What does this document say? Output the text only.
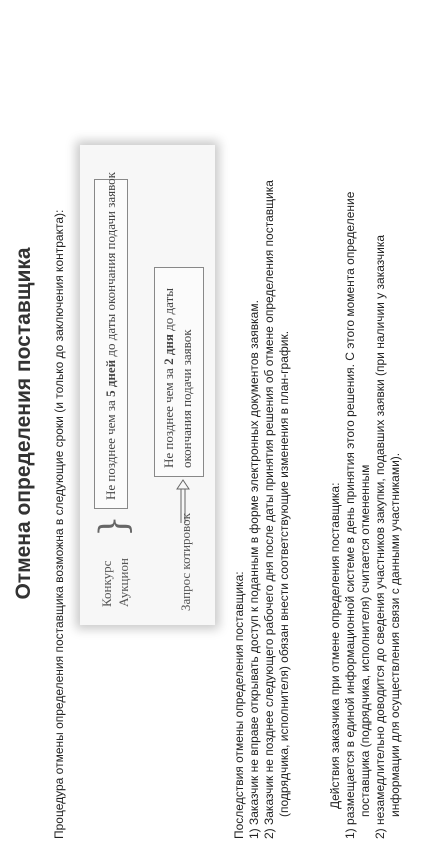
Отмена определения поставщика Процедура отмены определения поставщика возможна в следующие сроки (и только до заключения контракта):	Конкурс Аукцион
}
Не позднее чем за 5 дней до даты окончания подачи заявок
Запрос котировок
Не позднее чем за 2 дня до даты окончания подачи заявок
Последствия отмены определения поставщика: 1) Заказчик не вправе открывать доступ к поданным в форме электронных документов заявкам.
2) Заказчик не позднее следующего рабочего дня после даты принятия решения об отмене определения поставщика (подрядчика, исполнителя) обязан внести соответствующие изменения в план-график.	Действия заказчика при отмене определения поставщика:
1) размещается в единой информационной системе в день принятия этого решения. С этого момента определение поставщика (подрядчика, исполнителя) считается отмененным
2) незамедлительно доводится до сведения участников закупки, подавших заявки (при наличии у заказчика информации для осуществления связи с данными участниками).
